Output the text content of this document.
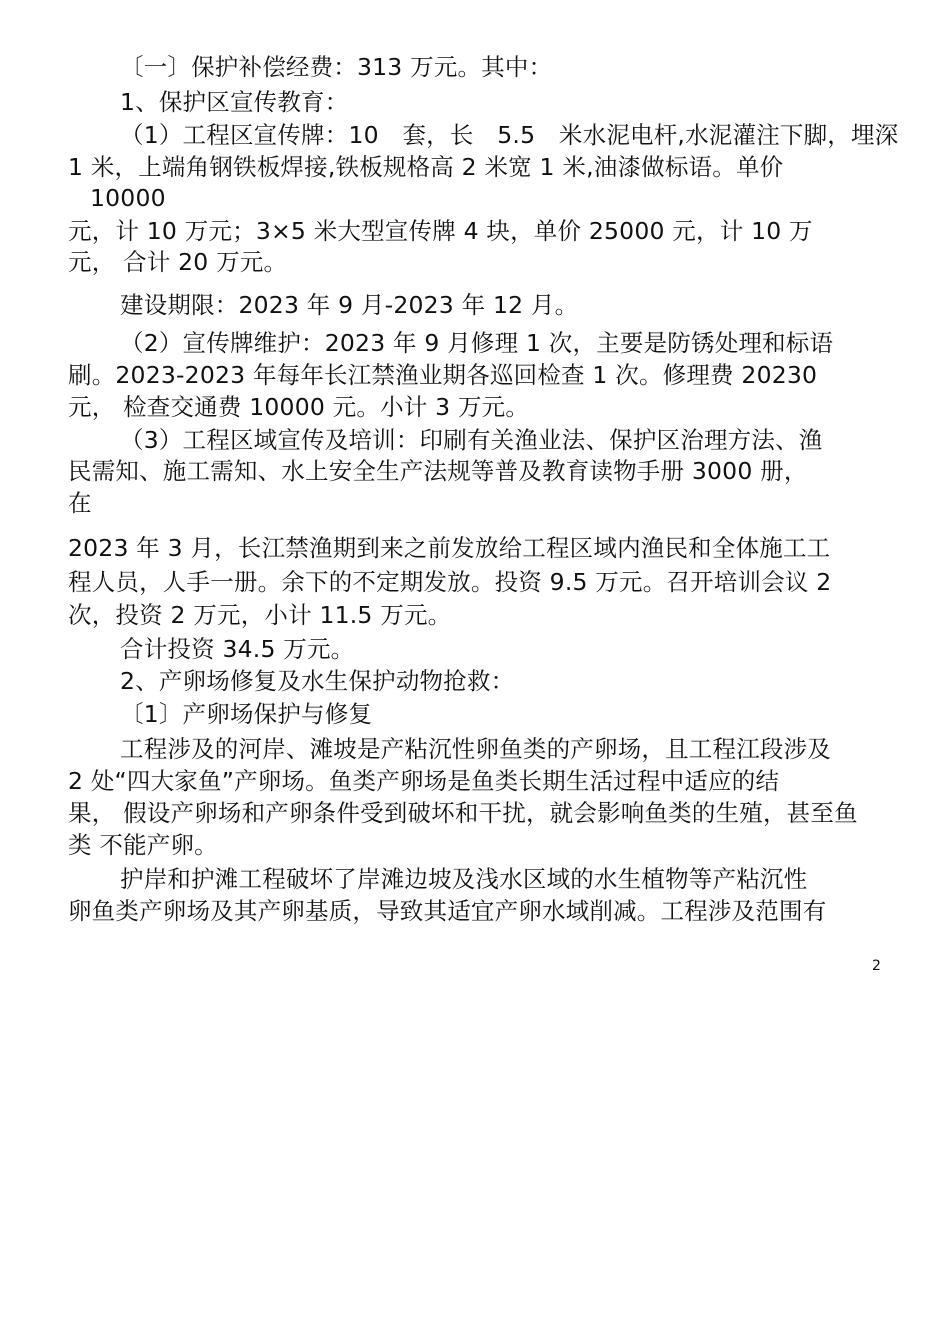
〔一〕保护补偿经费：313 万元。其中：
1、保护区宣传教育：
（1）工程区宣传牌：10　套，长　5.5　米水泥电杆,水泥灌注下脚，埋深
1 米，上端角钢铁板焊接,铁板规格高 2 米宽 1 米,油漆做标语。单价
10000
元，计 10 万元；3×5 米大型宣传牌 4 块，单价 25000 元，计 10 万
元， 合计 20 万元。
建设期限：2023 年 9 月-2023 年 12 月。
（2）宣传牌维护：2023 年 9 月修理 1 次，主要是防锈处理和标语
刷。2023-2023 年每年长江禁渔业期各巡回检查 1 次。修理费 20230
元， 检查交通费 10000 元。小计 3 万元。
（3）工程区域宣传及培训：印刷有关渔业法、保护区治理方法、渔
民需知、施工需知、水上安全生产法规等普及教育读物手册 3000 册，
在
2023 年 3 月，长江禁渔期到来之前发放给工程区域内渔民和全体施工工
程人员，人手一册。余下的不定期发放。投资 9.5 万元。召开培训会议 2
次，投资 2 万元，小计 11.5 万元。
合计投资 34.5 万元。
2、产卵场修复及水生保护动物抢救：
〔1〕产卵场保护与修复
工程涉及的河岸、滩坡是产粘沉性卵鱼类的产卵场，且工程江段涉及
2 处“四大家鱼”产卵场。鱼类产卵场是鱼类长期生活过程中适应的结
果， 假设产卵场和产卵条件受到破坏和干扰，就会影响鱼类的生殖，甚至鱼
类 不能产卵。
护岸和护滩工程破坏了岸滩边坡及浅水区域的水生植物等产粘沉性
卵鱼类产卵场及其产卵基质，导致其适宜产卵水域削减。工程涉及范围有
2
